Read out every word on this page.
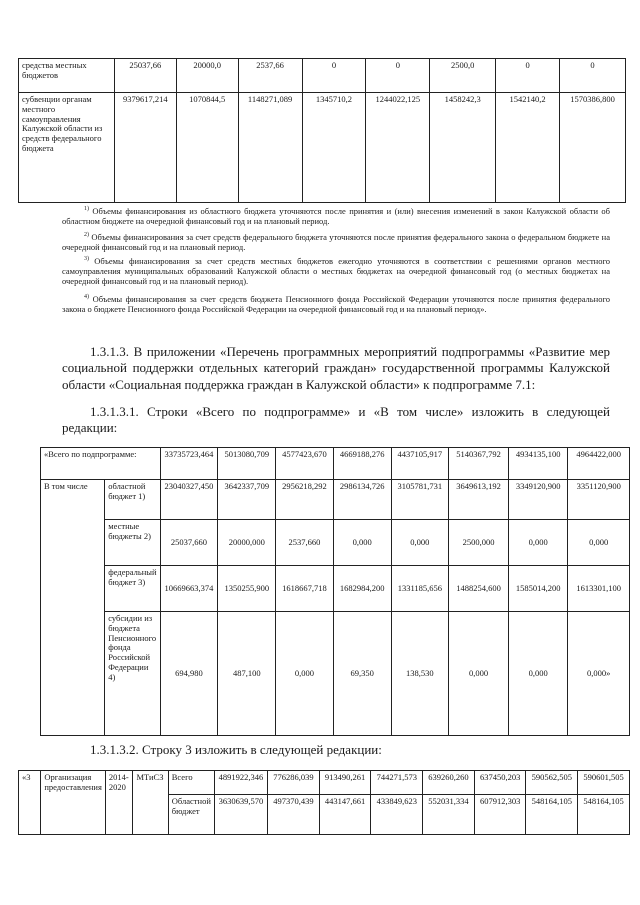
средства местных бюджетов	25037,66	20000,0	2537,66	0	0	2500,0	0	0
субвенции органам местного самоуправления Калужской области из средств федерального бюджета	9379617,214	1070844,5	1148271,089	1345710,2	1244022,125	1458242,3	1542140,2	1570386,800
$^{1)}$ Объемы финансирования из областного бюджета уточняются после принятия и (или) внесения изменений в закон Калужской области об областном бюджете на очередной финансовый год и на плановый период.
$^{2)}$ Объемы финансирования за счет средств федерального бюджета уточняются после принятия федерального закона о федеральном бюджете на очередной финансовый год и на плановый период.
$^{3)}$ Объемы финансирования за счет средств местных бюджетов ежегодно уточняются в соответствии с решениями органов местного самоуправления муниципальных образований Калужской области о местных бюджетах на очередной финансовый год (о местных бюджетах на очередной финансовый год и на плановый период).
$^{4)}$ Объемы финансирования за счет средств бюджета Пенсионного фонда Российской Федерации уточняются после принятия федерального закона о бюджете Пенсионного фонда Российской Федерации на очередной финансовый год и на плановый период».
1.3.1.3. В приложении «Перечень программных мероприятий подпрограммы «Развитие мер социальной поддержки отдельных категорий граждан» государственной программы Калужской области «Социальная поддержка граждан в Калужской области» к подпрограмме 7.1:
1.3.1.3.1. Строки «Всего по подпрограмме» и «В том числе» изложить в следующей редакции:
«Всего по подпрограмме:		33735723,464	5013080,709	4577423,670	4669188,276	4437105,917	5140367,792	4934135,100	4964422,000
В том числе	областной бюджет 1)	23040327,450	3642337,709	2956218,292	2986134,726	3105781,731	3649613,192	3349120,900	3351120,900
	местные бюджеты 2)	25037,660	20000,000	2537,660	0,000	0,000	2500,000	0,000	0,000
	федеральный бюджет 3)	10669663,374	1350255,900	1618667,718	1682984,200	1331185,656	1488254,600	1585014,200	1613301,100
	субсидии из бюджета Пенсионного фонда Российской Федерации 4)	694,980	487,100	0,000	69,350	138,530	0,000	0,000	0,000»
1.3.1.3.2. Строку 3 изложить в следующей редакции:
«3	Организация предоставления	2014-2020	МТиСЗ	Всего	4891922,346	776286,039	913490,261	744271,573	639260,260	637450,203	590562,505	590601,505
				Областной бюджет	3630639,570	497370,439	443147,661	433849,623	552031,334	607912,303	548164,105	548164,105
